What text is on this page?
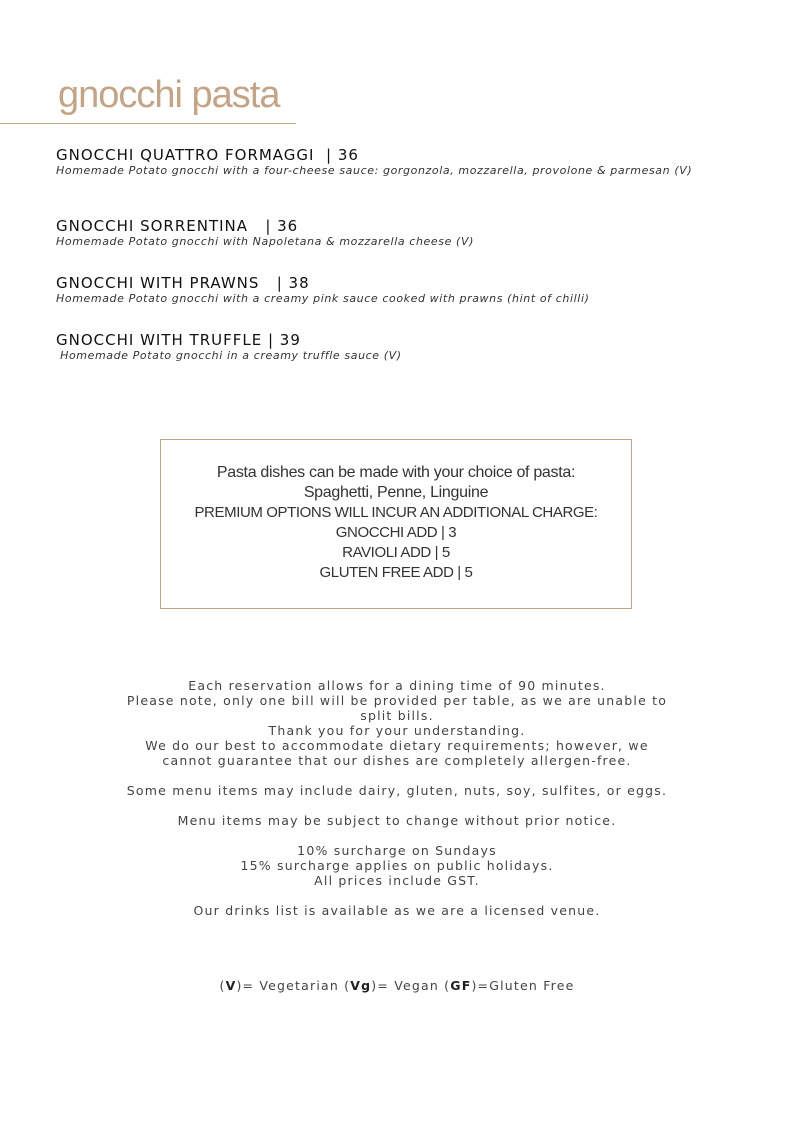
gnocchi pasta
GNOCCHI QUATTRO FORMAGGI  | 36
Homemade Potato gnocchi with a four-cheese sauce: gorgonzola, mozzarella, provolone & parmesan (V)
GNOCCHI SORRENTINA   | 36
Homemade Potato gnocchi with Napoletana & mozzarella cheese (V)
GNOCCHI WITH PRAWNS   | 38
Homemade Potato gnocchi with a creamy pink sauce cooked with prawns (hint of chilli)
GNOCCHI WITH TRUFFLE | 39
Homemade Potato gnocchi in a creamy truffle sauce (V)
Pasta dishes can be made with your choice of pasta:
Spaghetti, Penne, Linguine
PREMIUM OPTIONS WILL INCUR AN ADDITIONAL CHARGE:
GNOCCHI ADD | 3
RAVIOLI ADD | 5
GLUTEN FREE ADD | 5
Each reservation allows for a dining time of 90 minutes.
Please note, only one bill will be provided per table, as we are unable to
split bills.
Thank you for your understanding.
We do our best to accommodate dietary requirements; however, we
cannot guarantee that our dishes are completely allergen-free.
Some menu items may include dairy, gluten, nuts, soy, sulfites, or eggs.
Menu items may be subject to change without prior notice.
10% surcharge on Sundays
15% surcharge applies on public holidays.
All prices include GST.
Our drinks list is available as we are a licensed venue.
(V)= Vegetarian (Vg)= Vegan (GF)=Gluten Free
